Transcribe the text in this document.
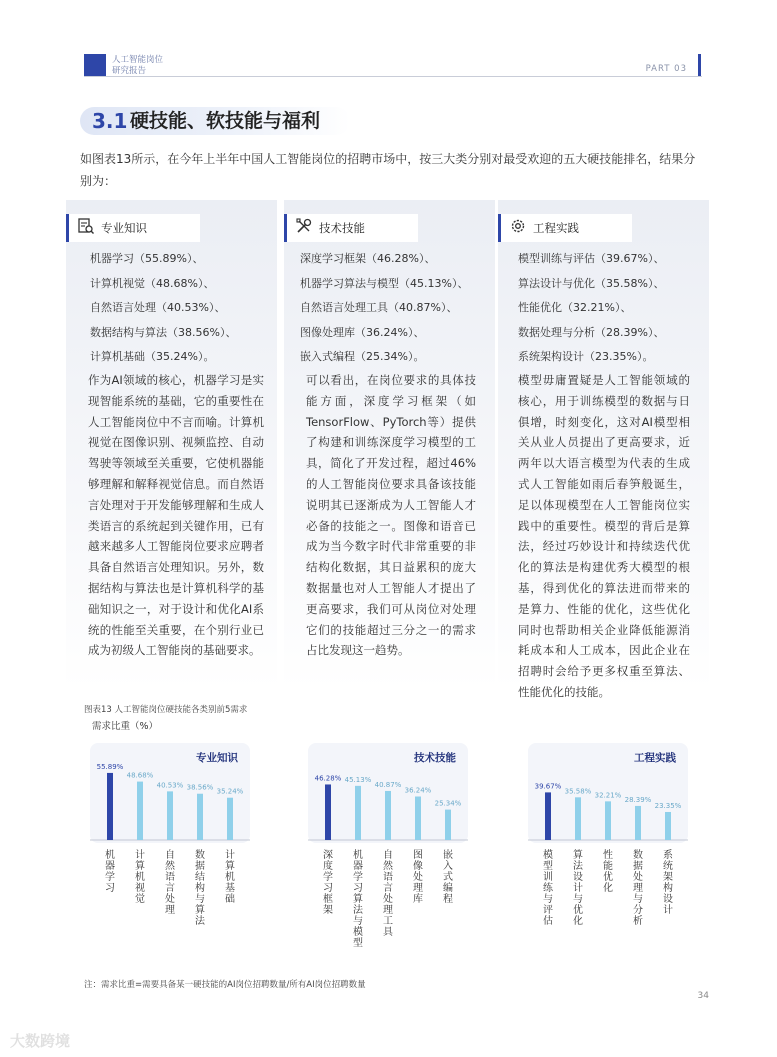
人工智能岗位
研究报告	PART 03
3.1 硬技能、软技能与福利
如图表13所示，在今年上半年中国人工智能岗位的招聘市场中，按三大类分别对最受欢迎的五大硬技能排名，结果分别为：
专业知识	技术技能	工程实践
机器学习（55.89%）、
计算机视觉（48.68%）、
自然语言处理（40.53%）、
数据结构与算法（38.56%）、
计算机基础（35.24%）。
深度学习框架（46.28%）、
机器学习算法与模型（45.13%）、
自然语言处理工具（40.87%）、
图像处理库（36.24%）、
嵌入式编程（25.34%）。
模型训练与评估（39.67%）、
算法设计与优化（35.58%）、
性能优化（32.21%）、
数据处理与分析（28.39%）、
系统架构设计（23.35%）。
作为AI领域的核心，机器学习是实现智能系统的基础，它的重要性在人工智能岗位中不言而喻。计算机视觉在图像识别、视频监控、自动驾驶等领域至关重要，它使机器能够理解和解释视觉信息。而自然语言处理对于开发能够理解和生成人类语言的系统起到关键作用，已有越来越多人工智能岗位要求应聘者具备自然语言处理知识。另外，数据结构与算法也是计算机科学的基础知识之一，对于设计和优化AI系统的性能至关重要，在个别行业已成为初级人工智能岗的基础要求。
可以看出，在岗位要求的具体技能方面，深度学习框架（如TensorFlow、PyTorch等）提供了构建和训练深度学习模型的工具，简化了开发过程，超过46%的人工智能岗位要求具备该技能说明其已逐渐成为人工智能人才必备的技能之一。图像和语音已成为当今数字时代非常重要的非结构化数据，其日益累积的庞大数据量也对人工智能人才提出了更高要求，我们可从岗位对处理它们的技能超过三分之一的需求占比发现这一趋势。
模型毋庸置疑是人工智能领域的核心，用于训练模型的数据与日俱增，时刻变化，这对AI模型相关从业人员提出了更高要求，近两年以大语言模型为代表的生成式人工智能如雨后春笋般诞生，足以体现模型在人工智能岗位实践中的重要性。模型的背后是算法，经过巧妙设计和持续迭代优化的算法是构建优秀大模型的根基，得到优化的算法进而带来的是算力、性能的优化，这些优化同时也帮助相关企业降低能源消耗成本和人工成本，因此企业在招聘时会给予更多权重至算法、性能优化的技能。
图表13 人工智能岗位硬技能各类别前5需求
需求比重（%）
专业知识
55.89%
机
器
学
习
48.68%
计
算
机
视
觉
40.53%
自
然
语
言
处
理
38.56%
数
据
结
构
与
算
法
35.24%
计
算
机
基
础
技术技能
46.28%
深
度
学
习
框
架
45.13%
机
器
学
习
算
法
与
模
型
40.87%
自
然
语
言
处
理
工
具
36.24%
图
像
处
理
库
25.34%
嵌
入
式
编
程
工程实践
39.67%
模
型
训
练
与
评
估
35.58%
算
法
设
计
与
优
化
32.21%
性
能
优
化
28.39%
数
据
处
理
与
分
析
23.35%
系
统
架
构
设
计
注：需求比重=需要具备某一硬技能的AI岗位招聘数量/所有AI岗位招聘数量
34
大数跨境
